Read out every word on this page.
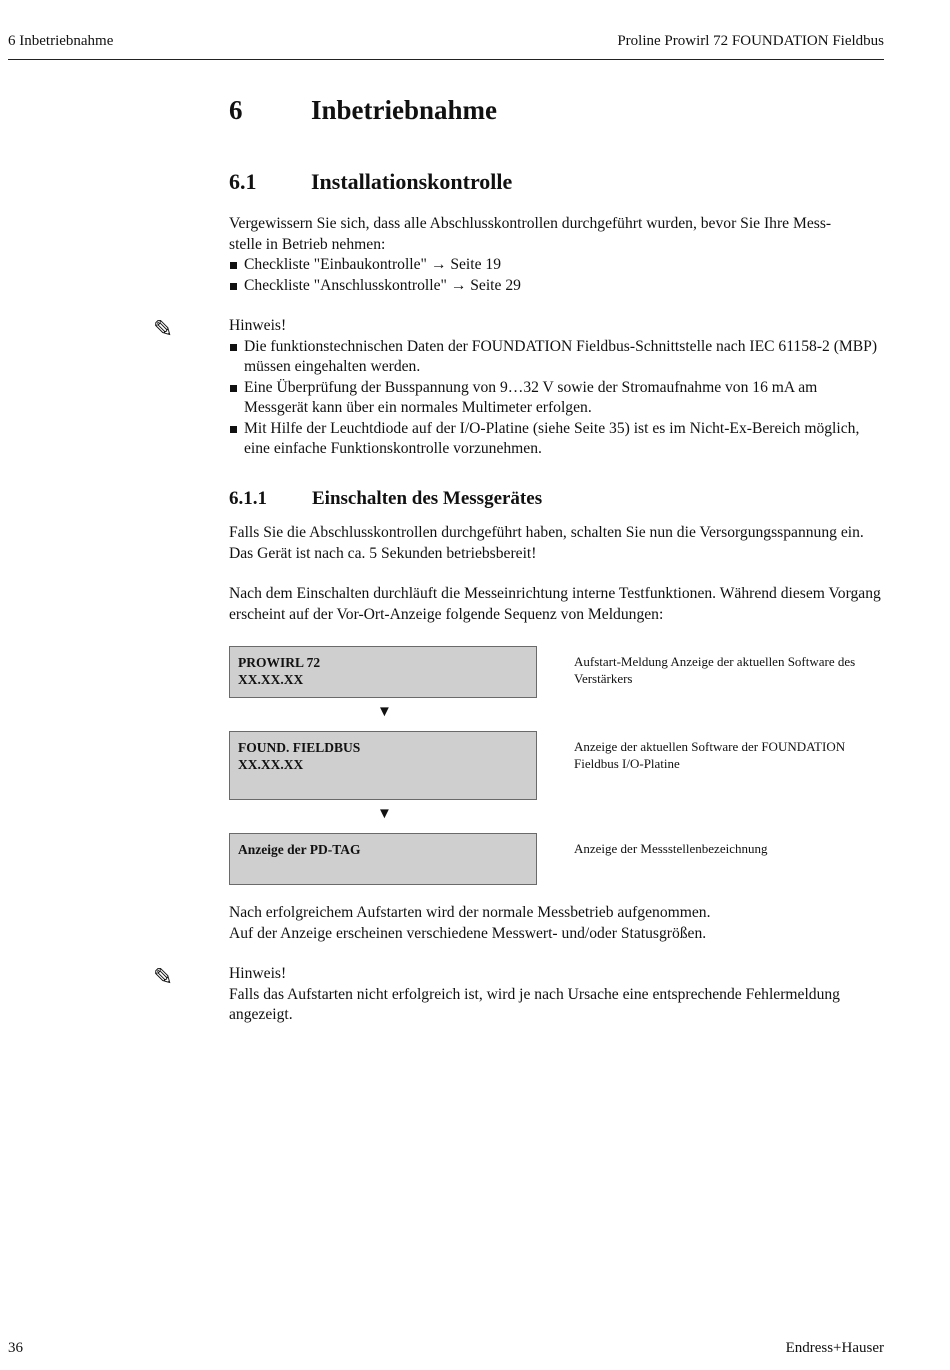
6 Inbetriebnahme	Proline Prowirl 72 FOUNDATION Fieldbus
6	Inbetriebnahme
6.1 Installationskontrolle
Vergewissern Sie sich, dass alle Abschlusskontrollen durchgeführt wurden, bevor Sie Ihre Mess-
stelle in Betrieb nehmen:
Checkliste "Einbaukontrolle" → Seite 19
Checkliste "Anschlusskontrolle" → Seite 29
✎	Hinweis!
Die funktionstechnischen Daten der FOUNDATION Fieldbus-Schnittstelle nach IEC 61158-2 (MBP) müssen eingehalten werden.
Eine Überprüfung der Busspannung von 9…32 V sowie der Stromaufnahme von 16 mA am Messgerät kann über ein normales Multimeter erfolgen.
Mit Hilfe der Leuchtdiode auf der I/O-Platine (siehe Seite 35) ist es im Nicht-Ex-Bereich möglich, eine einfache Funktionskontrolle vorzunehmen.
6.1.1 Einschalten des Messgerätes
Falls Sie die Abschlusskontrollen durchgeführt haben, schalten Sie nun die Versorgungsspannung ein. Das Gerät ist nach ca. 5 Sekunden betriebsbereit!
Nach dem Einschalten durchläuft die Messeinrichtung interne Testfunktionen. Während diesem Vorgang erscheint auf der Vor-Ort-Anzeige folgende Sequenz von Meldungen:
PROWIRL 72
XX.XX.XX
Aufstart-Meldung Anzeige der aktuellen Software des Verstärkers
▼
FOUND. FIELDBUS
XX.XX.XX
Anzeige der aktuellen Software der FOUNDATION Fieldbus I/O-Platine
▼
Anzeige der PD-TAG	Anzeige der Messstellenbezeichnung
Nach erfolgreichem Aufstarten wird der normale Messbetrieb aufgenommen.
Auf der Anzeige erscheinen verschiedene Messwert- und/oder Statusgrößen.
✎	Hinweis!
Falls das Aufstarten nicht erfolgreich ist, wird je nach Ursache eine entsprechende Fehlermeldung angezeigt.
36	Endress+Hauser
